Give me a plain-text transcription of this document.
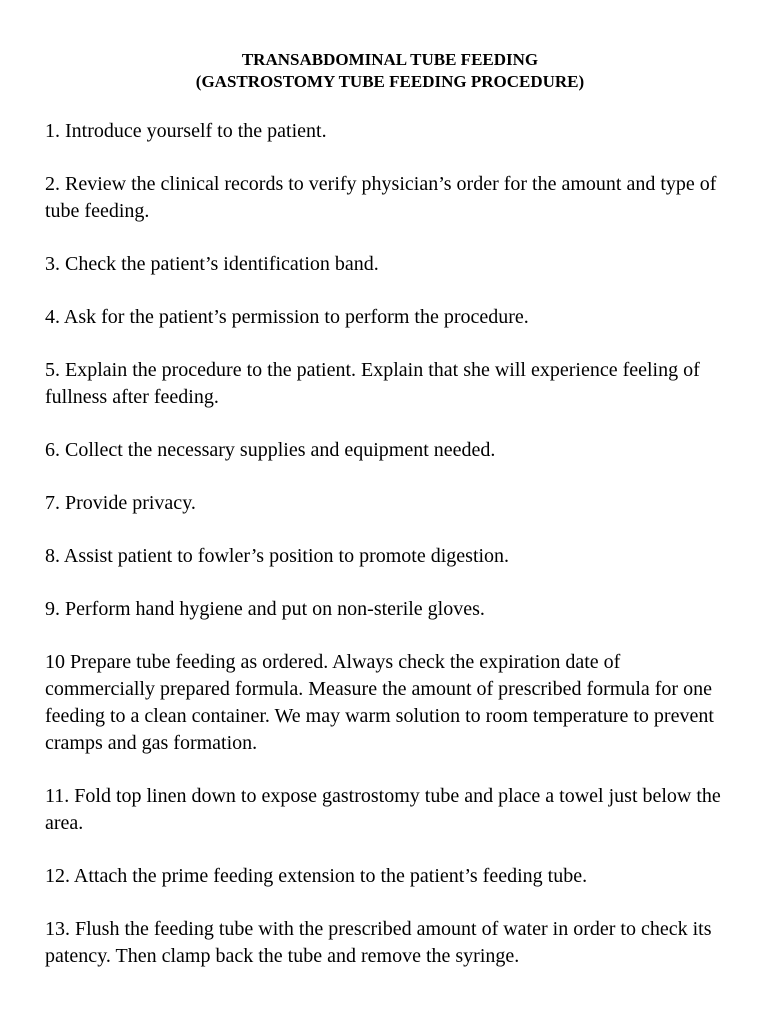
TRANSABDOMINAL TUBE FEEDING
(GASTROSTOMY TUBE FEEDING PROCEDURE)
1. Introduce yourself to the patient.
2. Review the clinical records to verify physician’s order for the amount and type of tube feeding.
3. Check the patient’s identification band.
4. Ask for the patient’s permission to perform the procedure.
5. Explain the procedure to the patient. Explain that she will experience feeling of fullness after feeding.
6. Collect the necessary supplies and equipment needed.
7. Provide privacy.
8. Assist patient to fowler’s position to promote digestion.
9. Perform hand hygiene and put on non-sterile gloves.
10 Prepare tube feeding as ordered. Always check the expiration date of commercially prepared formula. Measure the amount of prescribed formula for one feeding to a clean container. We may warm solution to room temperature to prevent cramps and gas formation.
11. Fold top linen down to expose gastrostomy tube and place a towel just below the area.
12. Attach the prime feeding extension to the patient’s feeding tube.
13. Flush the feeding tube with the prescribed amount of water in order to check its patency. Then clamp back the tube and remove the syringe.
